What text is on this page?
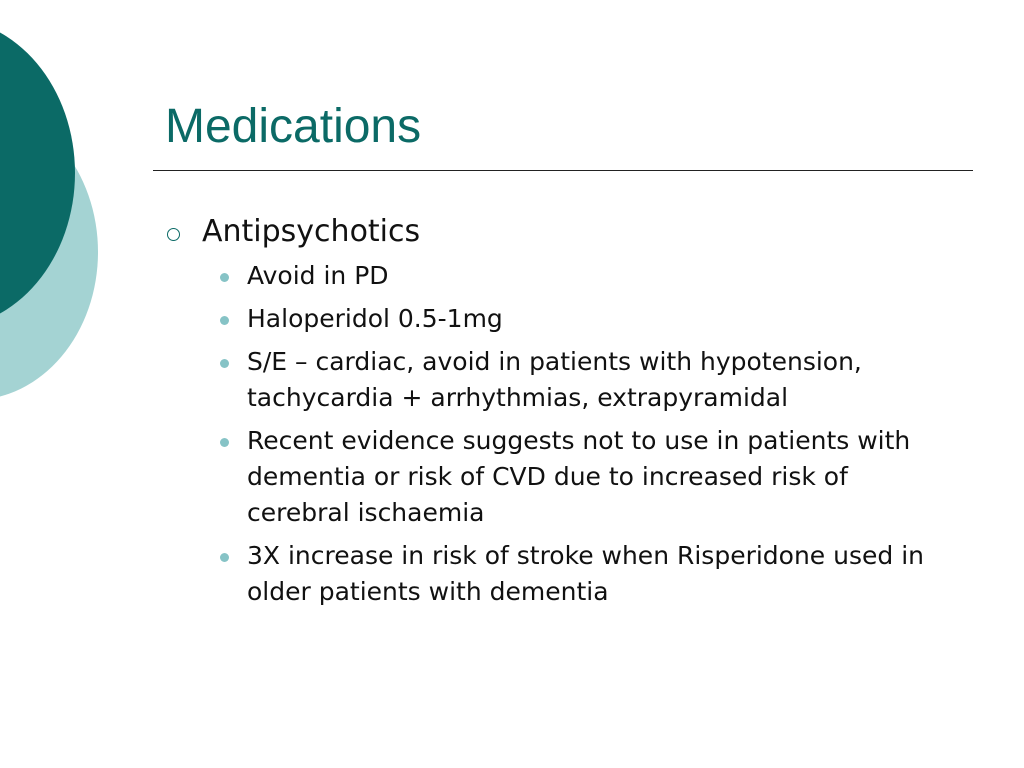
Medications
Antipsychotics
Avoid in PD
Haloperidol 0.5-1mg
S/E – cardiac, avoid in patients with hypotension, tachycardia + arrhythmias, extrapyramidal
Recent evidence suggests not to use in patients with dementia or risk of CVD due to increased risk of cerebral ischaemia
3X increase in risk of stroke when Risperidone used in older patients with dementia
